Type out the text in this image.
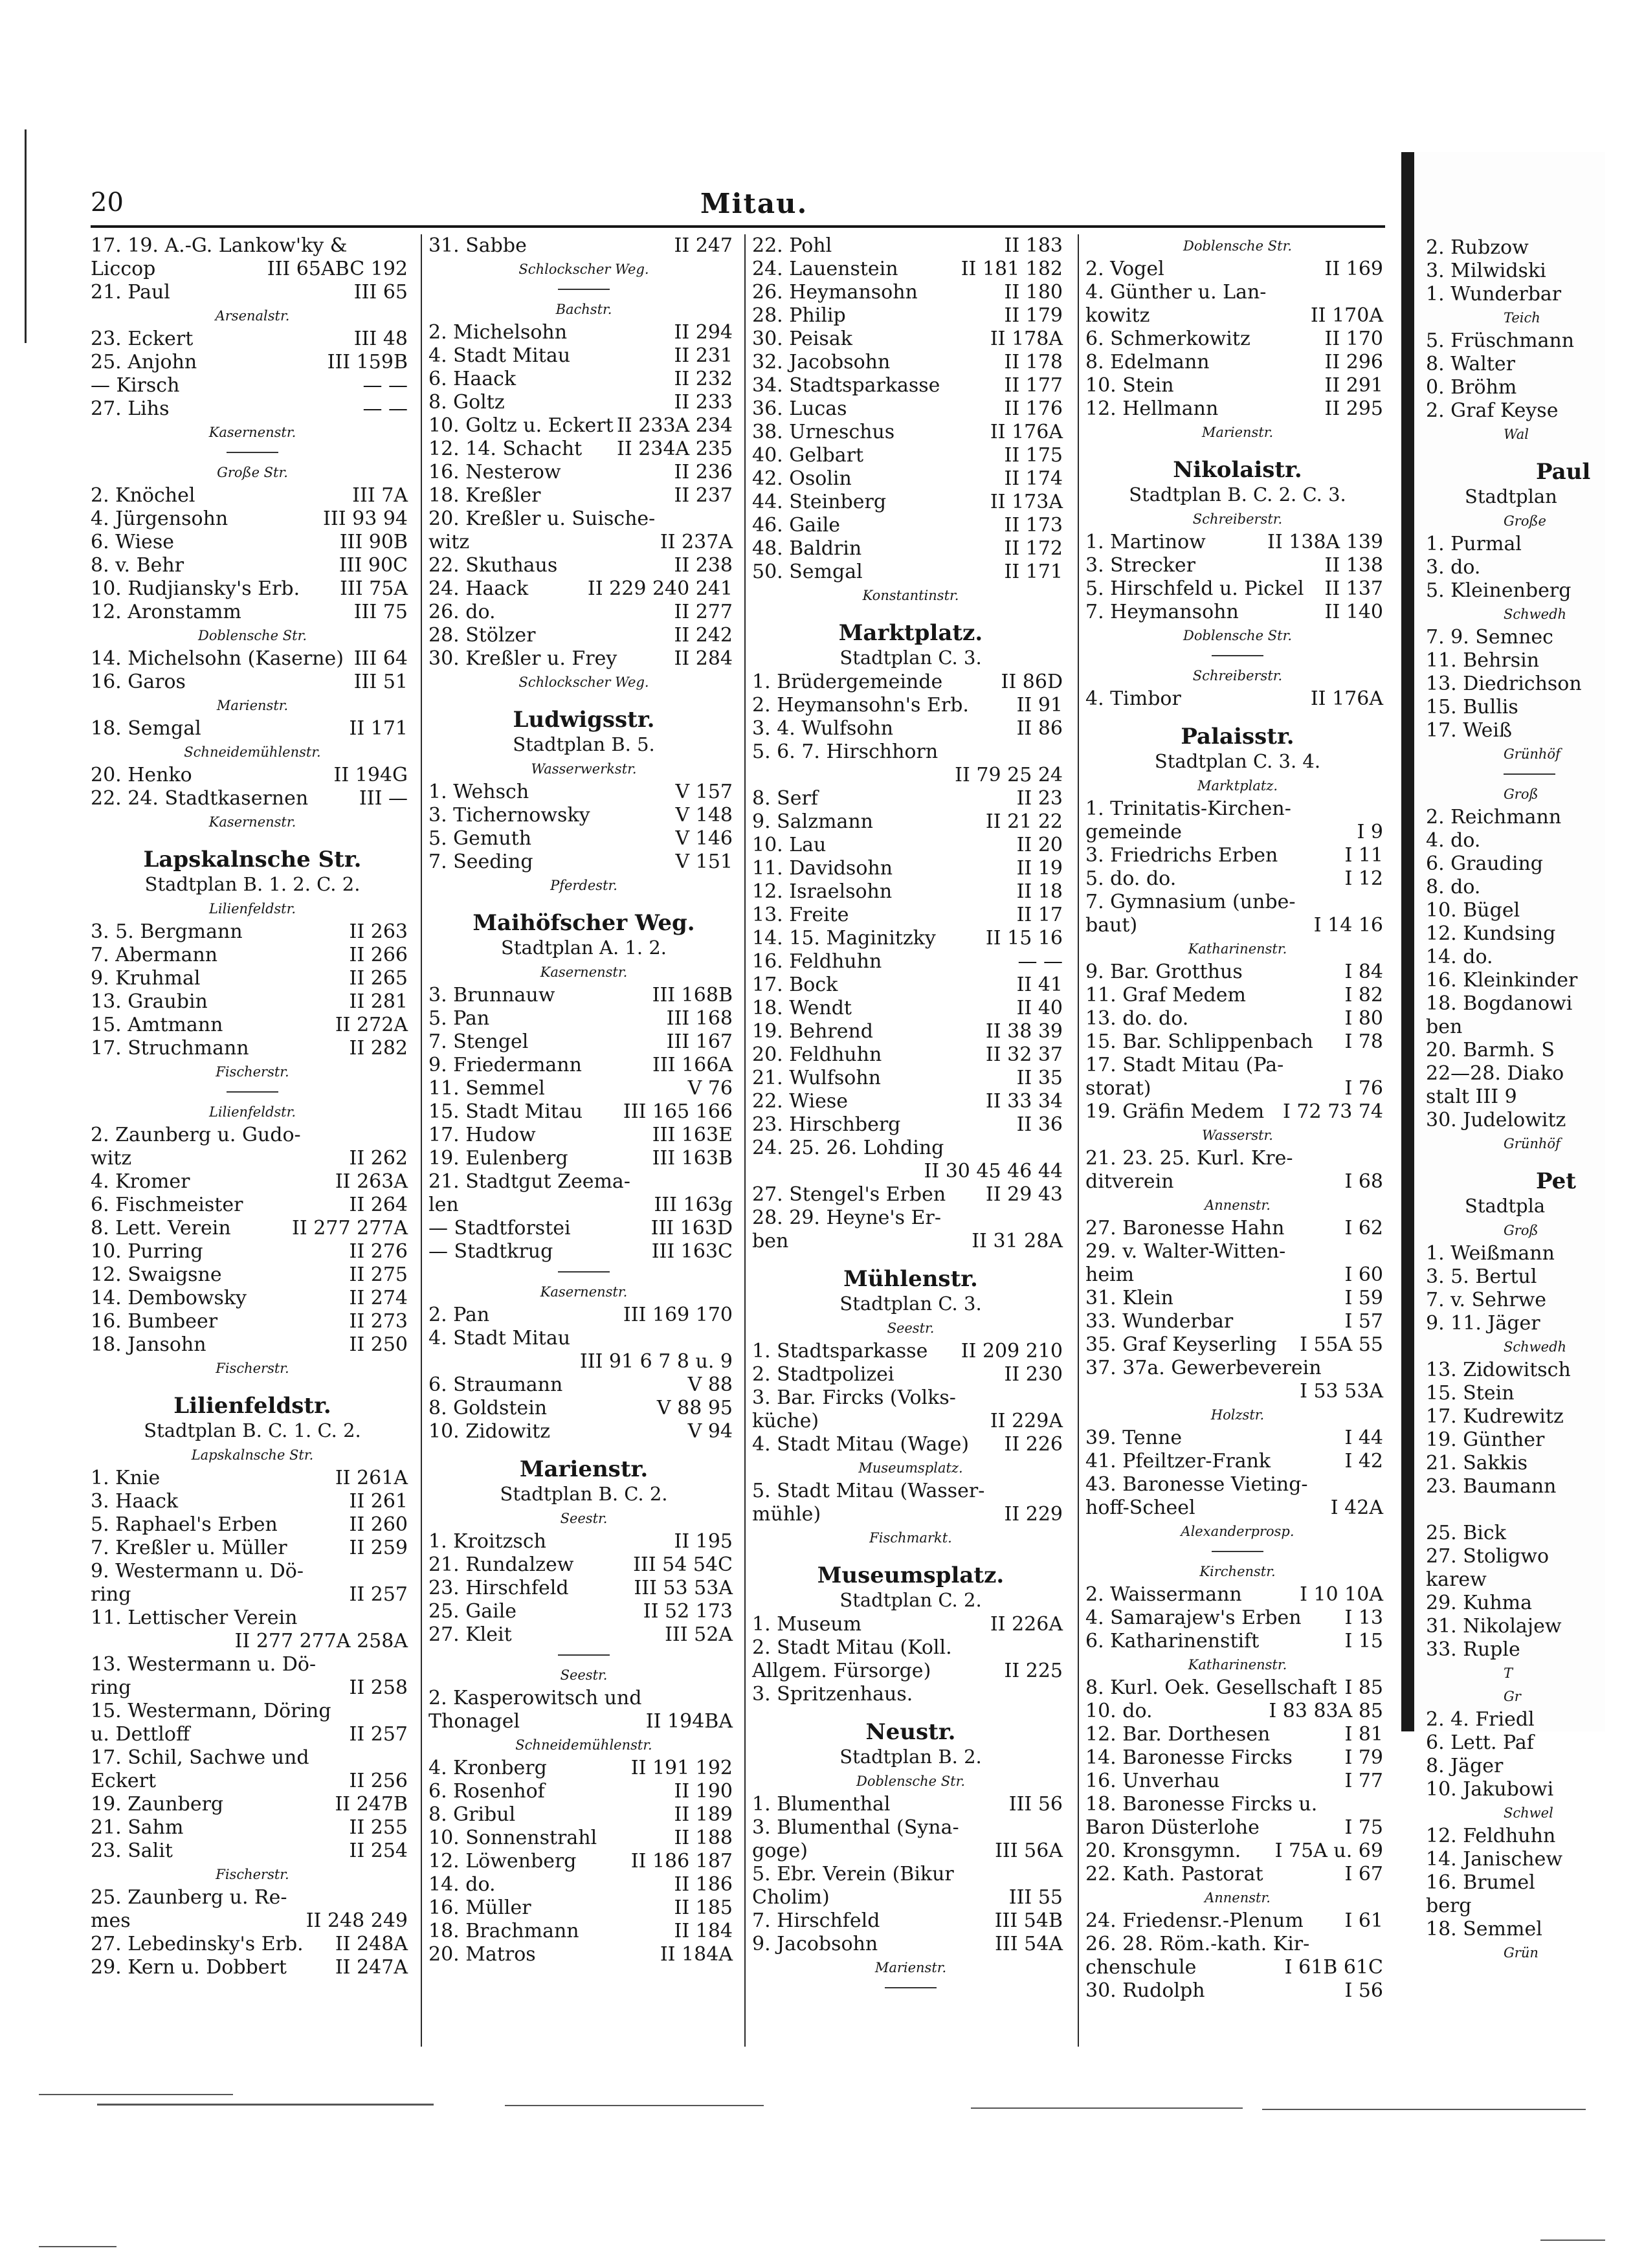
20	Mitau.
17. 19. A.-G. Lankow'ky &
Liccop	III 65ABC 192
21. Paul	III 65
Arsenalstr.
23. Eckert	III 48
25. Anjohn	III 159B
— Kirsch	— —
27. Lihs	— —
Kasernenstr.
Große Str.
2. Knöchel	III 7A
4. Jürgensohn	III 93 94
6. Wiese	III 90B
8. v. Behr	III 90C
10. Rudjiansky's Erb. III 75A
12. Aronstamm	III 75
Doblensche Str.
14. Michelsohn (Kaserne) III 64
16. Garos	III 51
Marienstr.
18. Semgal	II 171
Schneidemühlenstr.
20. Henko	II 194G
22. 24. Stadtkasernen	III —
Kasernenstr.
Lapskalnsche Str.
Stadtplan B. 1. 2. C. 2.
Lilienfeldstr.
3. 5. Bergmann	II 263
7. Abermann	II 266
9. Kruhmal	II 265
13. Graubin	II 281
15. Amtmann	II 272A
17. Struchmann	II 282
Fischerstr.
Lilienfeldstr.
2. Zaunberg u. Gudo-
witz	II 262
4. Kromer	II 263A
6. Fischmeister	II 264
8. Lett. Verein	II 277 277A
10. Purring	II 276
12. Swaigsne	II 275
14. Dembowsky	II 274
16. Bumbeer	II 273
18. Jansohn	II 250
Fischerstr.
Lilienfeldstr.
Stadtplan B. C. 1. C. 2.
Lapskalnsche Str.
1. Knie	II 261A
3. Haack	II 261
5. Raphael's Erben	II 260
7. Kreßler u. Müller	II 259
9. Westermann u. Dö-
ring	II 257
11. Lettischer Verein
II 277 277A 258A
13. Westermann u. Dö-
ring	II 258
15. Westermann, Döring
u. Dettloff	II 257
17. Schil, Sachwe und
Eckert	II 256
19. Zaunberg	II 247B
21. Sahm	II 255
23. Salit	II 254
Fischerstr.
25. Zaunberg u. Re-
mes	II 248 249
27. Lebedinsky's Erb. II 248A
29. Kern u. Dobbert II 247A
31. Sabbe	II 247
Schlockscher Weg.
Bachstr.
2. Michelsohn	II 294
4. Stadt Mitau	II 231
6. Haack	II 232
8. Goltz	II 233
10. Goltz u. Eckert II 233A 234
12. 14. Schacht II 234A 235
16. Nesterow	II 236
18. Kreßler	II 237
20. Kreßler u. Suische-
witz	II 237A
22. Skuthaus	II 238
24. Haack	II 229 240 241
26. do.	II 277
28. Stölzer	II 242
30. Kreßler u. Frey	II 284
Schlockscher Weg.
Ludwigsstr.
Stadtplan B. 5.
Wasserwerkstr.
1. Wehsch	V 157
3. Tichernowsky	V 148
5. Gemuth	V 146
7. Seeding	V 151
Pferdestr.
Maihöfscher Weg.
Stadtplan A. 1. 2.
Kasernenstr.
3. Brunnauw	III 168B
5. Pan	III 168
7. Stengel	III 167
9. Friedermann	III 166A
11. Semmel	V 76
15. Stadt Mitau III 165 166
17. Hudow	III 163E
19. Eulenberg	III 163B
21. Stadtgut Zeema-
len	III 163g
— Stadtforstei	III 163D
— Stadtkrug	III 163C
Kasernenstr.
2. Pan	III 169 170
4. Stadt Mitau
III 91 6 7 8 u. 9
6. Straumann	V 88
8. Goldstein	V 88 95
10. Zidowitz	V 94
Marienstr.
Stadtplan B. C. 2.
Seestr.
1. Kroitzsch	II 195
21. Rundalzew	III 54 54C
23. Hirschfeld	III 53 53A
25. Gaile	II 52 173
27. Kleit	III 52A
Seestr.
2. Kasperowitsch und
Thonagel	II 194BA
Schneidemühlenstr.
4. Kronberg	II 191 192
6. Rosenhof	II 190
8. Gribul	II 189
10. Sonnenstrahl	II 188
12. Löwenberg	II 186 187
14. do.	II 186
16. Müller	II 185
18. Brachmann	II 184
20. Matros	II 184A
22. Pohl	II 183
24. Lauenstein	II 181 182
26. Heymansohn	II 180
28. Philip	II 179
30. Peisak	II 178A
32. Jacobsohn	II 178
34. Stadtsparkasse	II 177
36. Lucas	II 176
38. Urneschus	II 176A
40. Gelbart	II 175
42. Osolin	II 174
44. Steinberg	II 173A
46. Gaile	II 173
48. Baldrin	II 172
50. Semgal	II 171
Konstantinstr.
Marktplatz.
Stadtplan C. 3.
1. Brüdergemeinde	II 86D
2. Heymansohn's Erb. II 91
3. 4. Wulfsohn	II 86
5. 6. 7. Hirschhorn
II 79 25 24
8. Serf	II 23
9. Salzmann	II 21 22
10. Lau	II 20
11. Davidsohn	II 19
12. Israelsohn	II 18
13. Freite	II 17
14. 15. Maginitzky	II 15 16
16. Feldhuhn	— —
17. Bock	II 41
18. Wendt	II 40
19. Behrend	II 38 39
20. Feldhuhn	II 32 37
21. Wulfsohn	II 35
22. Wiese	II 33 34
23. Hirschberg	II 36
24. 25. 26. Lohding
II 30 45 46 44
27. Stengel's Erben II 29 43
28. 29. Heyne's Er-
ben	II 31 28A
Mühlenstr.
Stadtplan C. 3.
Seestr.
1. Stadtsparkasse II 209 210
2. Stadtpolizei	II 230
3. Bar. Fircks (Volks-
küche)	II 229A
4. Stadt Mitau (Wage) II 226
Museumsplatz.
5. Stadt Mitau (Wasser-
mühle)	II 229
Fischmarkt.
Museumsplatz.
Stadtplan C. 2.
1. Museum	II 226A
2. Stadt Mitau (Koll.
Allgem. Fürsorge)	II 225
3. Spritzenhaus.
Neustr.
Stadtplan B. 2.
Doblensche Str.
1. Blumenthal	III 56
3. Blumenthal (Syna-
goge)	III 56A
5. Ebr. Verein (Bikur
Cholim)	III 55
7. Hirschfeld	III 54B
9. Jacobsohn	III 54A
Marienstr.
Doblensche Str.
2. Vogel	II 169
4. Günther u. Lan-
kowitz	II 170A
6. Schmerkowitz	II 170
8. Edelmann	II 296
10. Stein	II 291
12. Hellmann	II 295
Marienstr.
Nikolaistr.
Stadtplan B. C. 2. C. 3.
Schreiberstr.
1. Martinow	II 138A 139
3. Strecker	II 138
5. Hirschfeld u. Pickel II 137
7. Heymansohn	II 140
Doblensche Str.
Schreiberstr.
4. Timbor	II 176A
Palaisstr.
Stadtplan C. 3. 4.
Marktplatz.
1. Trinitatis-Kirchen-
gemeinde	I 9
3. Friedrichs Erben	I 11
5. do. do.	I 12
7. Gymnasium (unbe-
baut)	I 14 16
Katharinenstr.
9. Bar. Grotthus	I 84
11. Graf Medem	I 82
13. do. do.	I 80
15. Bar. Schlippenbach I 78
17. Stadt Mitau (Pa-
storat)	I 76
19. Gräfin Medem I 72 73 74
Wasserstr.
21. 23. 25. Kurl. Kre-
ditverein	I 68
Annenstr.
27. Baronesse Hahn	I 62
29. v. Walter-Witten-
heim	I 60
31. Klein	I 59
33. Wunderbar	I 57
35. Graf Keyserling I 55A 55
37. 37a. Gewerbeverein
I 53 53A
Holzstr.
39. Tenne	I 44
41. Pfeiltzer-Frank	I 42
43. Baronesse Vieting-
hoff-Scheel	I 42A
Alexanderprosp.
Kirchenstr.
2. Waissermann	I 10 10A
4. Samarajew's Erben I 13
6. Katharinenstift	I 15
Katharinenstr.
8. Kurl. Oek. Gesellschaft I 85
10. do.	I 83 83A 85
12. Bar. Dorthesen	I 81
14. Baronesse Fircks	I 79
16. Unverhau	I 77
18. Baronesse Fircks u.
Baron Düsterlohe	I 75
20. Kronsgymn. I 75A u. 69
22. Kath. Pastorat	I 67
Annenstr.
24. Friedensr.-Plenum I 61
26. 28. Röm.-kath. Kir-
chenschule	I 61B 61C
30. Rudolph	I 56
2. Rubzow
3. Milwidski
1. Wunderbar
Teich
5. Früschmann
8. Walter
0. Bröhm
2. Graf Keyse
Wal
Paul
Stadtplan
Große
1. Purmal
3. do.
5. Kleinenberg
Schwedh
7. 9. Semnec
11. Behrsin
13. Diedrichson
15. Bullis
17. Weiß
Grünhöf
Groß
2. Reichmann
4. do.
6. Grauding
8. do.
10. Bügel
12. Kundsing
14. do.
16. Kleinkinder
18. Bogdanowi
ben
20. Barmh. S
22—28. Diako
stalt III 9
30. Judelowitz
Grünhöf
Pet
Stadtpla
Groß
1. Weißmann
3. 5. Bertul
7. v. Sehrwe
9. 11. Jäger
Schwedh
13. Zidowitsch
15. Stein
17. Kudrewitz
19. Günther
21. Sakkis
23. Baumann
25. Bick
27. Stoligwo
karew
29. Kuhma
31. Nikolajew
33. Ruple
T
Gr
2. 4. Friedl
6. Lett. Paf
8. Jäger
10. Jakubowi
Schwel
12. Feldhuhn
14. Janischew
16. Brumel
berg
18. Semmel
Grün
